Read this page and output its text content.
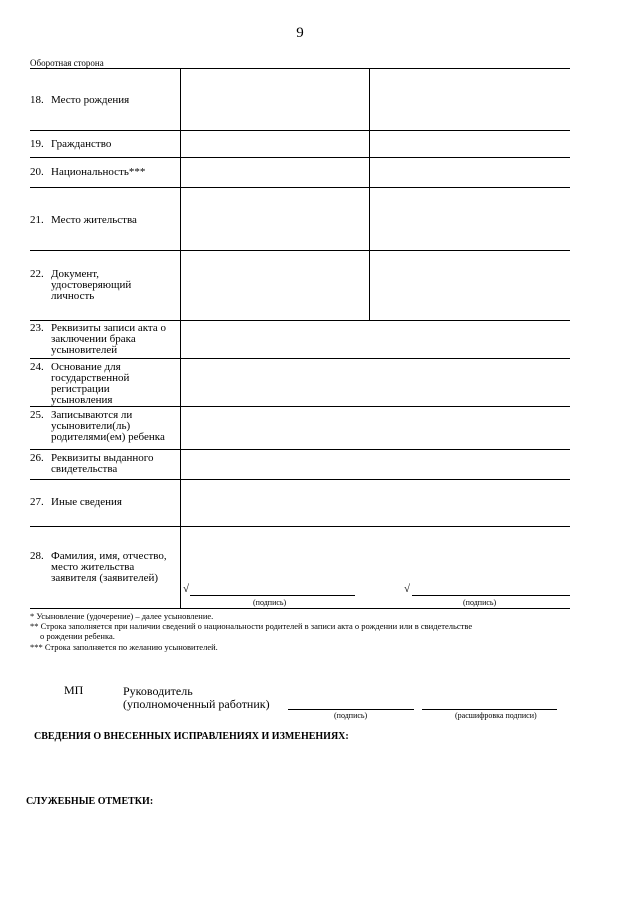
9
Оборотная сторона
18. Место рождения
19. Гражданство
20. Национальность***
21. Место жительства
22. Документ, удостоверяющий личность
23. Реквизиты записи акта о заключении брака усыновителей
24. Основание для государственной регистрации усыновления
25. Записываются ли усыновители(ль) родителями(ем) ребенка
26. Реквизиты выданного свидетельства
27. Иные сведения
28. Фамилия, имя, отчество, место жительства заявителя (заявителей)
√
(подпись)
√
(подпись)
* Усыновление (удочерение) – далее усыновление.
** Строка заполняется при наличии сведений о национальности родителей в записи акта о рождении или в свидетельстве
о рождении ребенка.
*** Строка заполняется по желанию усыновителей.
МП	Руководитель
(уполномоченный работник)
(подпись)	(расшифровка подписи)
СВЕДЕНИЯ О ВНЕСЕННЫХ ИСПРАВЛЕНИЯХ И ИЗМЕНЕНИЯХ:
СЛУЖЕБНЫЕ ОТМЕТКИ:
